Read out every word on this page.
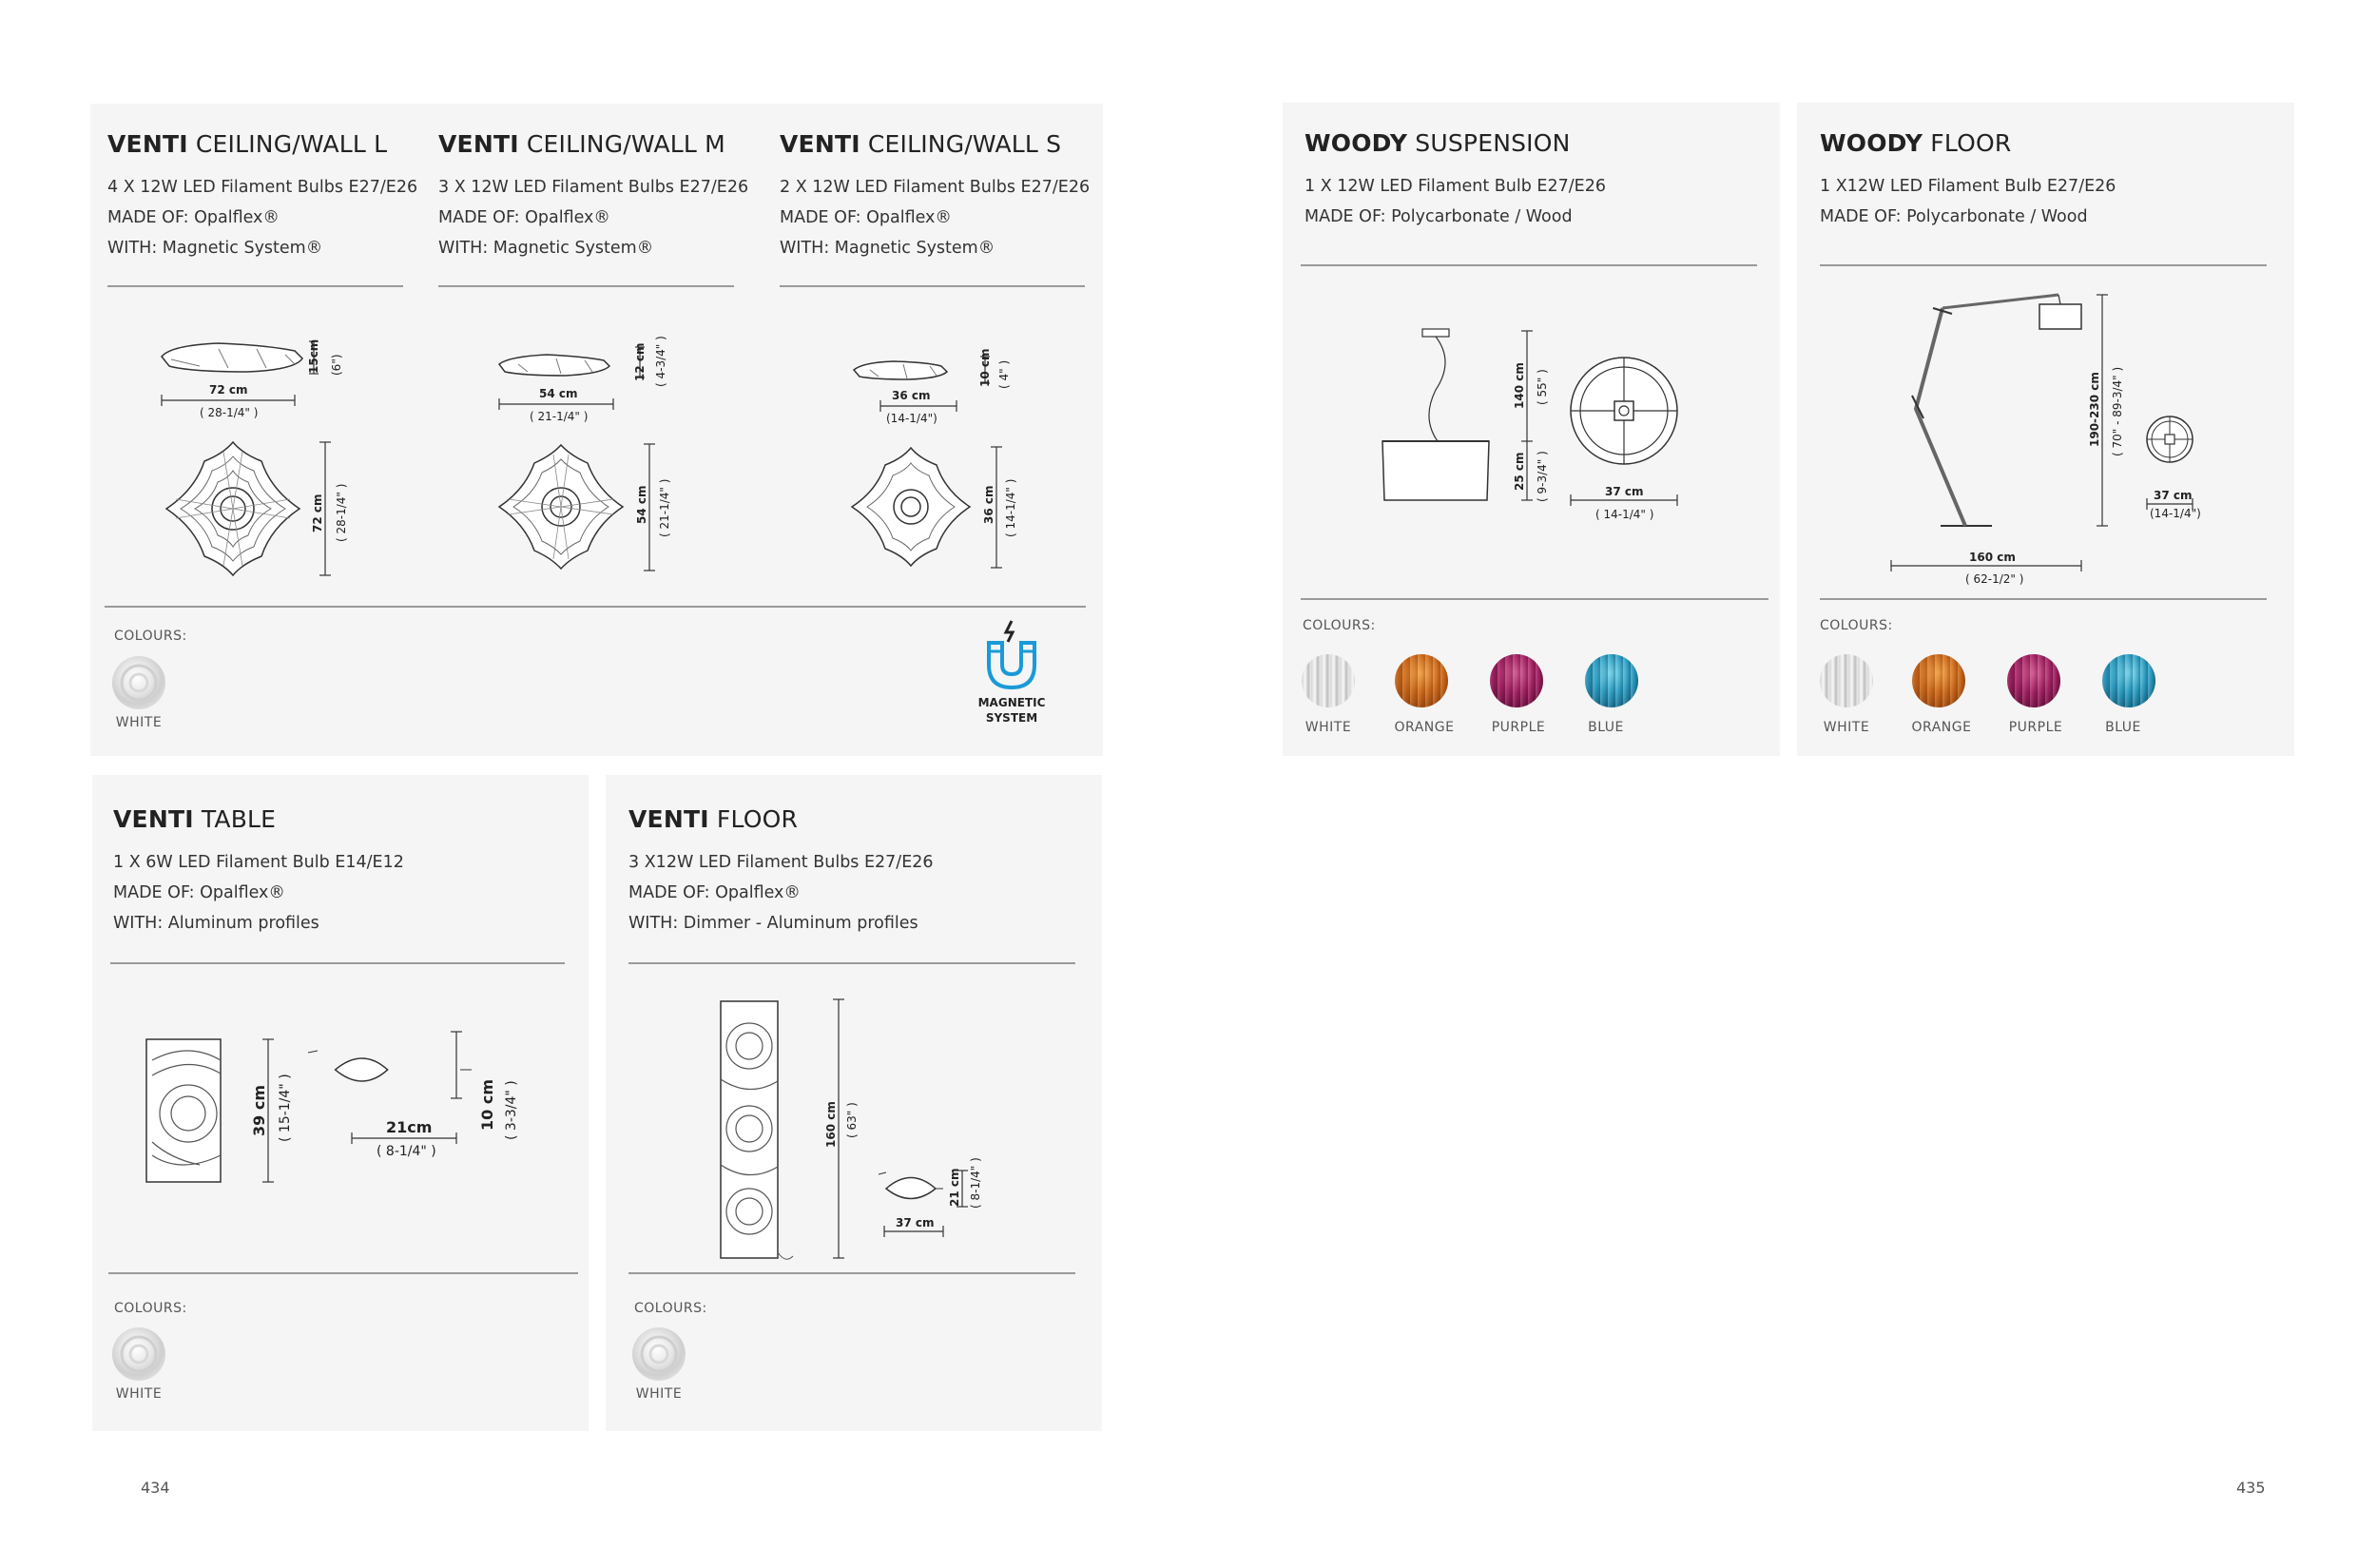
VENTI CEILING/WALL L
4 X 12W LED Filament Bulbs E27/E26
MADE OF: Opalflex®
WITH: Magnetic System®
VENTI CEILING/WALL M
3 X 12W LED Filament Bulbs E27/E26
MADE OF: Opalflex®
WITH: Magnetic System®
VENTI CEILING/WALL S
2 X 12W LED Filament Bulbs E27/E26
MADE OF: Opalflex®
WITH: Magnetic System®
15cm (6")
72 cm
( 28-1/4" )
72 cm ( 28-1/4" )
12 cm ( 4-3/4" )
54 cm
( 21-1/4" )
54 cm ( 21-1/4" )
10 cm ( 4" )
36 cm
(14-1/4")
36 cm ( 14-1/4" )
COLOURS:
WHITE
MAGNETIC
SYSTEM
WOODY SUSPENSION
1 X 12W LED Filament Bulb E27/E26
MADE OF: Polycarbonate / Wood
140 cm ( 55" )
25 cm ( 9-3/4" )	37 cm
( 14-1/4" )
COLOURS:
WHITE	ORANGE	PURPLE	BLUE
WOODY FLOOR
1 X12W LED Filament Bulb E27/E26
MADE OF: Polycarbonate / Wood
190-230 cm ( 70" - 89-3/4" )
37 cm
(14-1/4")
160 cm
( 62-1/2" )
COLOURS:
WHITE	ORANGE	PURPLE	BLUE
VENTI TABLE
1 X 6W LED Filament Bulb E14/E12
MADE OF: Opalflex®
WITH: Aluminum profiles
39 cm ( 15-1/4" )	10 cm ( 3-3/4" )
21cm
( 8-1/4" )
COLOURS:
WHITE
VENTI FLOOR
3 X12W LED Filament Bulbs E27/E26
MADE OF: Opalflex®
WITH: Dimmer - Aluminum profiles
160 cm ( 63" )
21 cm ( 8-1/4" )
37 cm
COLOURS:
WHITE
434	435
